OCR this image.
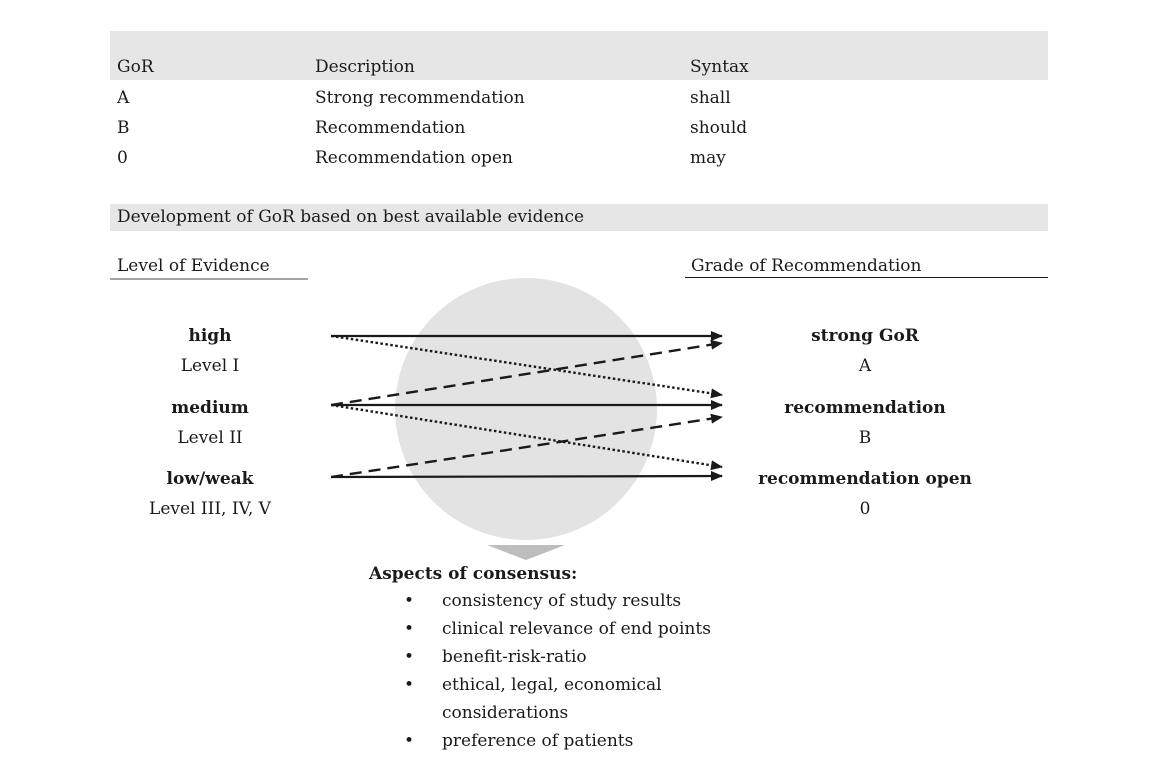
GoR	Description	Syntax
A	Strong recommendation	shall
B	Recommendation	should
0	Recommendation open	may
Development of GoR based on best available evidence
Level of Evidence	Grade of Recommendation
high
Level I
medium
Level II
low/weak
Level III, IV, V
strong GoR
A
recommendation
B
recommendation open
0
Aspects of consensus:
• consistency of study results
• clinical relevance of end points
• benefit-risk-ratio
• ethical, legal, economical
considerations
• preference of patients
